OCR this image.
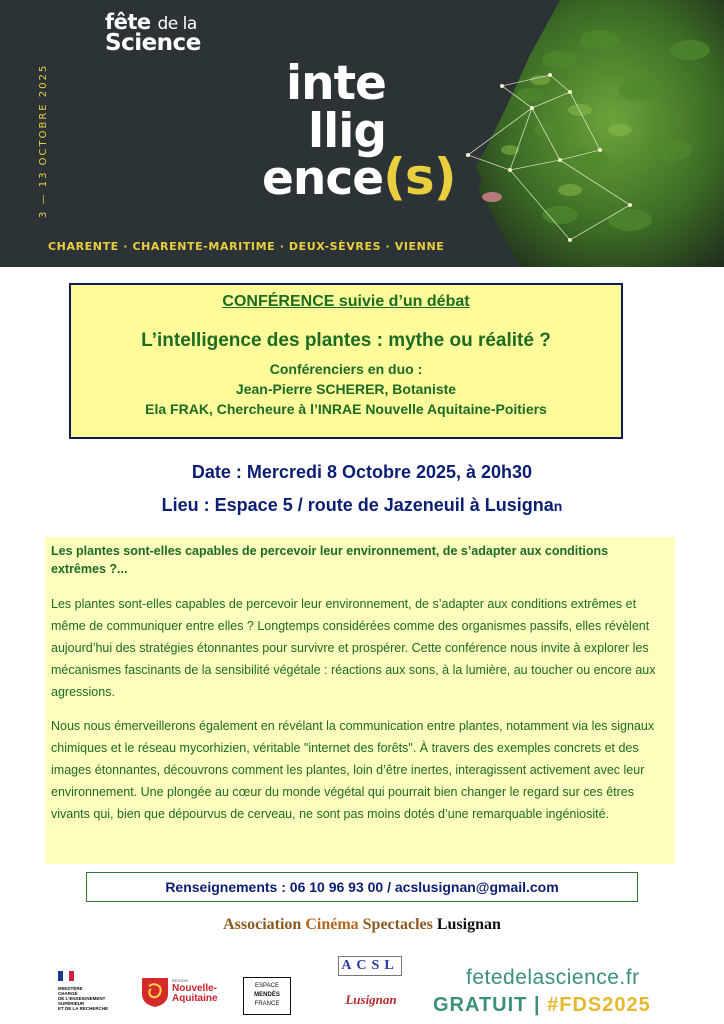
fête de la
Science
3 — 13 OCTOBRE 2025	inte
llig
ence(s)
CHARENTE · CHARENTE-MARITIME · DEUX-SÈVRES · VIENNE
CONFÉRENCE suivie d’un débat
L’intelligence des plantes : mythe ou réalité ?
Conférenciers en duo :
Jean-Pierre SCHERER, Botaniste
Ela FRAK, Chercheure à l’INRAE Nouvelle Aquitaine-Poitiers
Date : Mercredi 8 Octobre 2025, à 20h30
Lieu : Espace 5 / route de Jazeneuil à Lusignan
Les plantes sont-elles capables de percevoir leur environnement, de s’adapter aux conditions extrêmes ?...
Les plantes sont-elles capables de percevoir leur environnement, de s’adapter aux conditions extrêmes et même de communiquer entre elles ? Longtemps considérées comme des organismes passifs, elles révèlent aujourd’hui des stratégies étonnantes pour survivre et prospérer. Cette conférence nous invite à explorer les mécanismes fascinants de la sensibilité végétale : réactions aux sons, à la lumière, au toucher ou encore aux agressions.
Nous nous émerveillerons également en révélant la communication entre plantes, notamment via les signaux chimiques et le réseau mycorhizien, véritable "internet des forêts". À travers des exemples concrets et des images étonnantes, découvrons comment les plantes, loin d’être inertes, interagissent activement avec leur environnement. Une plongée au cœur du monde végétal qui pourrait bien changer le regard sur ces êtres vivants qui, bien que dépourvus de cerveau, ne sont pas moins dotés d’une remarquable ingéniosité.
Renseignements : 06 10 96 93 00 / acslusignan@gmail.com
Association Cinéma Spectacles Lusignan
MINISTÈRE
CHARGÉ
DE L'ENSEIGNEMENT
SUPÉRIEUR
ET DE LA RECHERCHE
RÉGION
Nouvelle-
Aquitaine
ESPACE
MENDÈS
FRANCE
ACSL
Lusignan
fetedelascience.fr
GRATUIT | #FDS2025
